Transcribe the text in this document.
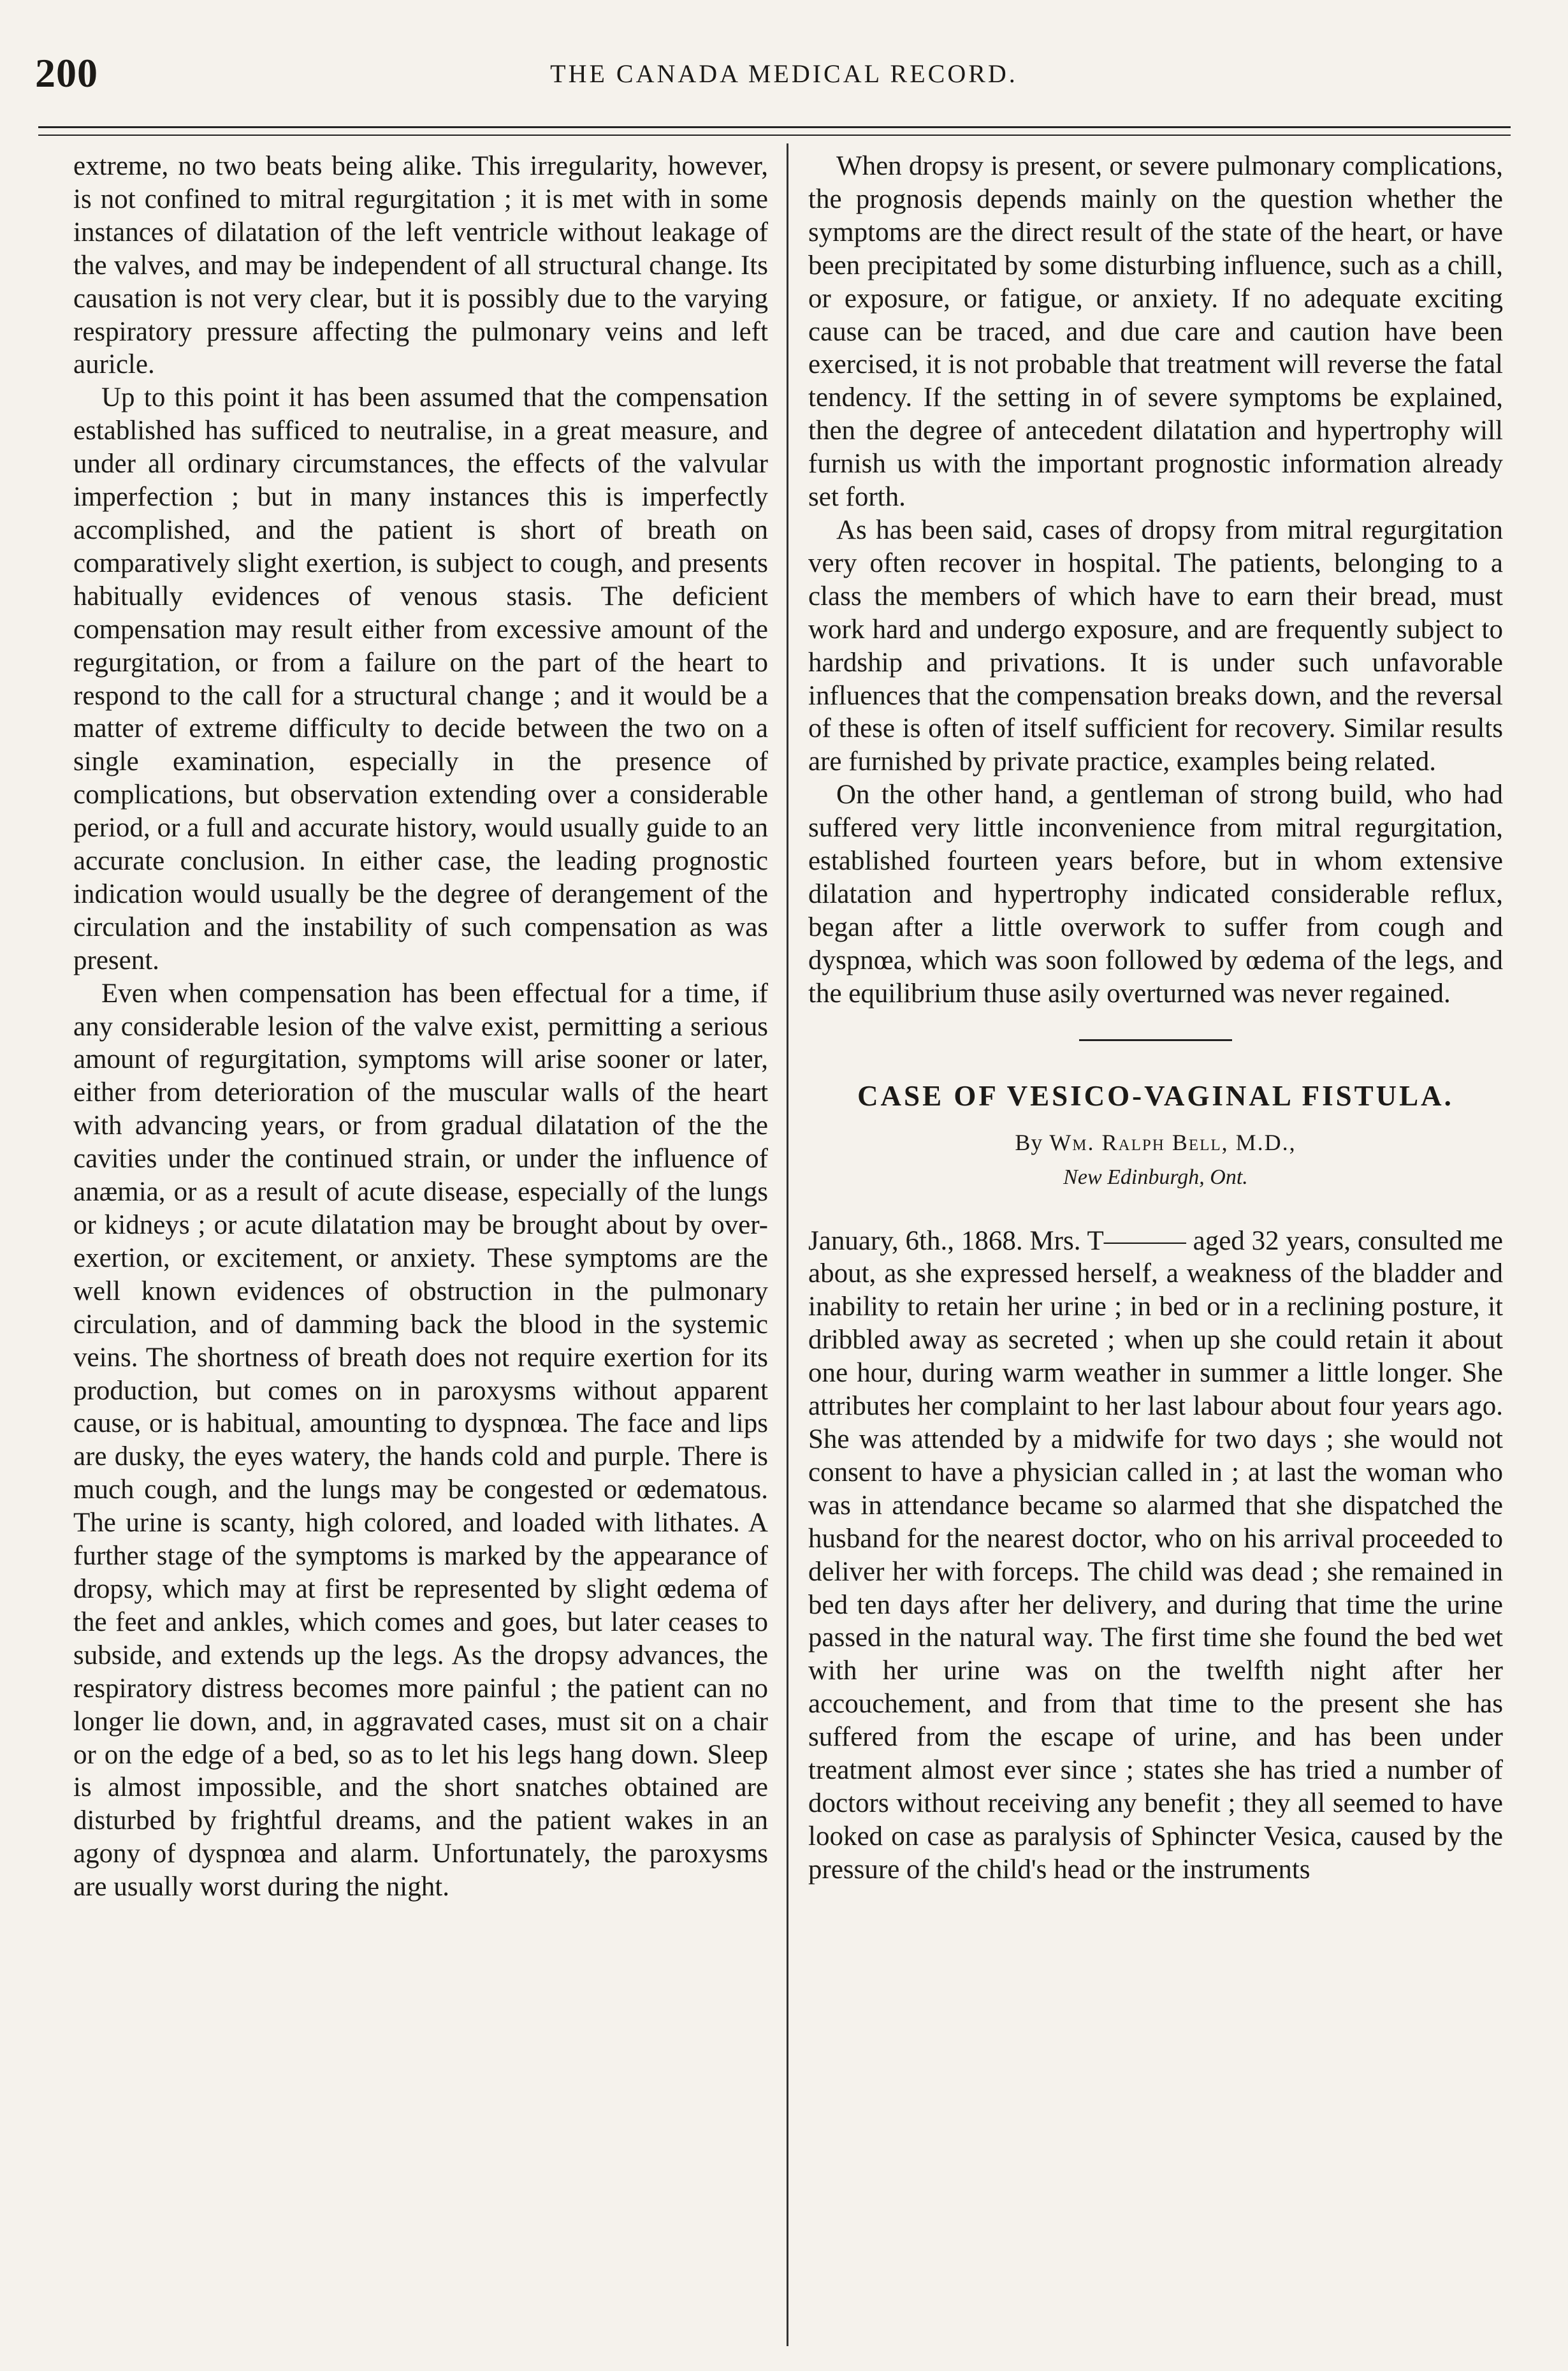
200	THE CANADA MEDICAL RECORD.

extreme, no two beats being alike. This irregularity, however, is not confined to mitral regurgitation ; it is met with in some instances of dilatation of the left ventricle without leakage of the valves, and may be independent of all structural change. Its causation is not very clear, but it is possibly due to the varying respiratory pressure affecting the pulmonary veins and left auricle.

Up to this point it has been assumed that the compensation established has sufficed to neutralise, in a great measure, and under all ordinary circumstances, the effects of the valvular imperfection ; but in many instances this is imperfectly accomplished, and the patient is short of breath on comparatively slight exertion, is subject to cough, and presents habitually evidences of venous stasis. The deficient compensation may result either from excessive amount of the regurgitation, or from a failure on the part of the heart to respond to the call for a structural change ; and it would be a matter of extreme difficulty to decide between the two on a single examination, especially in the presence of complications, but observation extending over a considerable period, or a full and accurate history, would usually guide to an accurate conclusion. In either case, the leading prognostic indication would usually be the degree of derangement of the circulation and the instability of such compensation as was present.

Even when compensation has been effectual for a time, if any considerable lesion of the valve exist, permitting a serious amount of regurgitation, symptoms will arise sooner or later, either from deterioration of the muscular walls of the heart with advancing years, or from gradual dilatation of the the cavities under the continued strain, or under the influence of anæmia, or as a result of acute disease, especially of the lungs or kidneys ; or acute dilatation may be brought about by over-exertion, or excitement, or anxiety. These symptoms are the well known evidences of obstruction in the pulmonary circulation, and of damming back the blood in the systemic veins. The shortness of breath does not require exertion for its production, but comes on in paroxysms without apparent cause, or is habitual, amounting to dyspnœa. The face and lips are dusky, the eyes watery, the hands cold and purple. There is much cough, and the lungs may be congested or œdematous. The urine is scanty, high colored, and loaded with lithates. A further stage of the symptoms is marked by the appearance of dropsy, which may at first be represented by slight œdema of the feet and ankles, which comes and goes, but later ceases to subside, and extends up the legs. As the dropsy advances, the respiratory distress becomes more painful ; the patient can no longer lie down, and, in aggravated cases, must sit on a chair or on the edge of a bed, so as to let his legs hang down. Sleep is almost impossible, and the short snatches obtained are disturbed by frightful dreams, and the patient wakes in an agony of dyspnœa and alarm. Unfortunately, the paroxysms are usually worst during the night.

When dropsy is present, or severe pulmonary complications, the prognosis depends mainly on the question whether the symptoms are the direct result of the state of the heart, or have been precipitated by some disturbing influence, such as a chill, or exposure, or fatigue, or anxiety. If no adequate exciting cause can be traced, and due care and caution have been exercised, it is not probable that treatment will reverse the fatal tendency. If the setting in of severe symptoms be explained, then the degree of antecedent dilatation and hypertrophy will furnish us with the important prognostic information already set forth.

As has been said, cases of dropsy from mitral regurgitation very often recover in hospital. The patients, belonging to a class the members of which have to earn their bread, must work hard and undergo exposure, and are frequently subject to hardship and privations. It is under such unfavorable influences that the compensation breaks down, and the reversal of these is often of itself sufficient for recovery. Similar results are furnished by private practice, examples being related.

On the other hand, a gentleman of strong build, who had suffered very little inconvenience from mitral regurgitation, established fourteen years before, but in whom extensive dilatation and hypertrophy indicated considerable reflux, began after a little overwork to suffer from cough and dyspnœa, which was soon followed by œdema of the legs, and the equilibrium thuse asily overturned was never regained.

CASE OF VESICO-VAGINAL FISTULA.
By Wm. Ralph Bell, M.D.,
New Edinburgh, Ont.

January, 6th., 1868. Mrs. T——— aged 32 years, consulted me about, as she expressed herself, a weakness of the bladder and inability to retain her urine ; in bed or in a reclining posture, it dribbled away as secreted ; when up she could retain it about one hour, during warm weather in summer a little longer. She attributes her complaint to her last labour about four years ago. She was attended by a midwife for two days ; she would not consent to have a physician called in ; at last the woman who was in attendance became so alarmed that she dispatched the husband for the nearest doctor, who on his arrival proceeded to deliver her with forceps. The child was dead ; she remained in bed ten days after her delivery, and during that time the urine passed in the natural way. The first time she found the bed wet with her urine was on the twelfth night after her accouchement, and from that time to the present she has suffered from the escape of urine, and has been under treatment almost ever since ; states she has tried a number of doctors without receiving any benefit ; they all seemed to have looked on case as paralysis of Sphincter Vesica, caused by the pressure of the child's head or the instruments
